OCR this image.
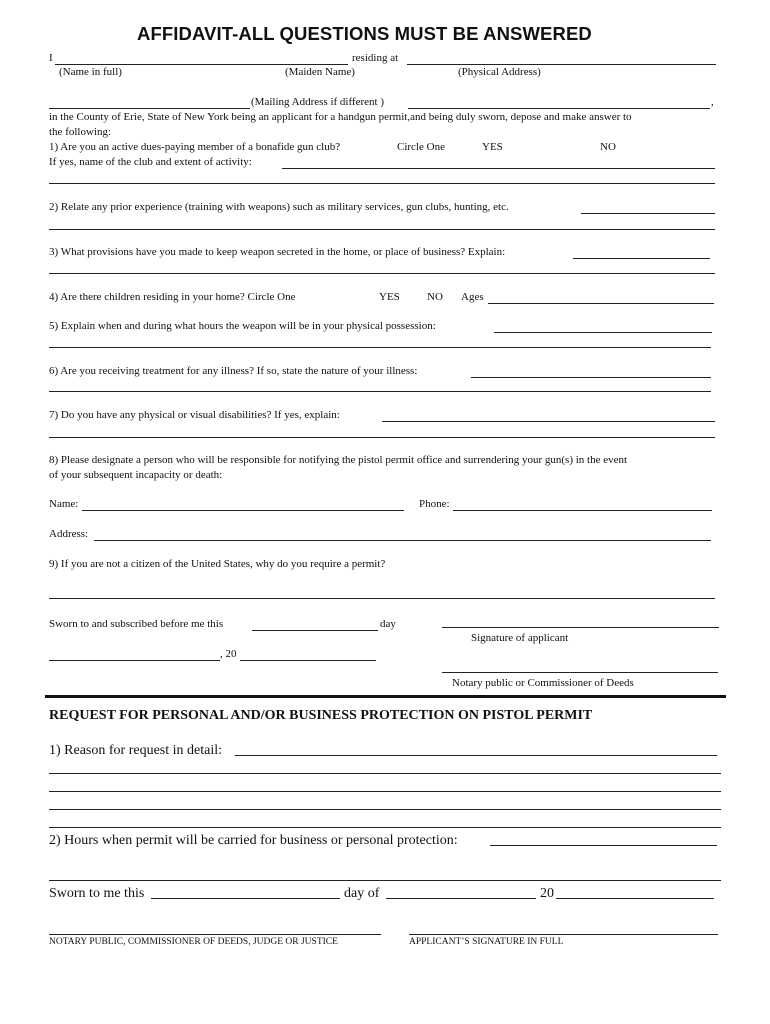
AFFIDAVIT-ALL QUESTIONS MUST BE ANSWERED
I	residing at
(Name in full)	(Maiden Name)	(Physical Address)
(Mailing Address if different )	,
in the County of Erie, State of New York being an applicant for a handgun permit,and being duly sworn, depose and make answer to
the following:
1) Are you an active dues-paying member of a bonafide gun club?	Circle One	YES	NO
If yes, name of the club and extent of activity:
2) Relate any prior experience (training with weapons) such as military services, gun clubs, hunting, etc.
3) What provisions have you made to keep weapon secreted in the home, or place of business? Explain:
4) Are there children residing in your home? Circle One	YES NO Ages
5) Explain when and during what hours the weapon will be in your physical possession:
6) Are you receiving treatment for any illness? If so, state the nature of your illness:
7) Do you have any physical or visual disabilities? If yes, explain:
8) Please designate a person who will be responsible for notifying the pistol permit office and surrendering your gun(s) in the event
of your subsequent incapacity or death:
Name:	Phone:
Address:
9) If you are not a citizen of the United States, why do you require a permit?
Sworn to and subscribed before me this	day
Signature of applicant
, 20
Notary public or Commissioner of Deeds
REQUEST FOR PERSONAL AND/OR BUSINESS PROTECTION ON PISTOL PERMIT
1) Reason for request in detail:
2) Hours when permit will be carried for business or personal protection:
Sworn to me this	day of	20
NOTARY PUBLIC, COMMISSIONER OF DEEDS, JUDGE OR JUSTICE	APPLICANT’S SIGNATURE IN FULL
